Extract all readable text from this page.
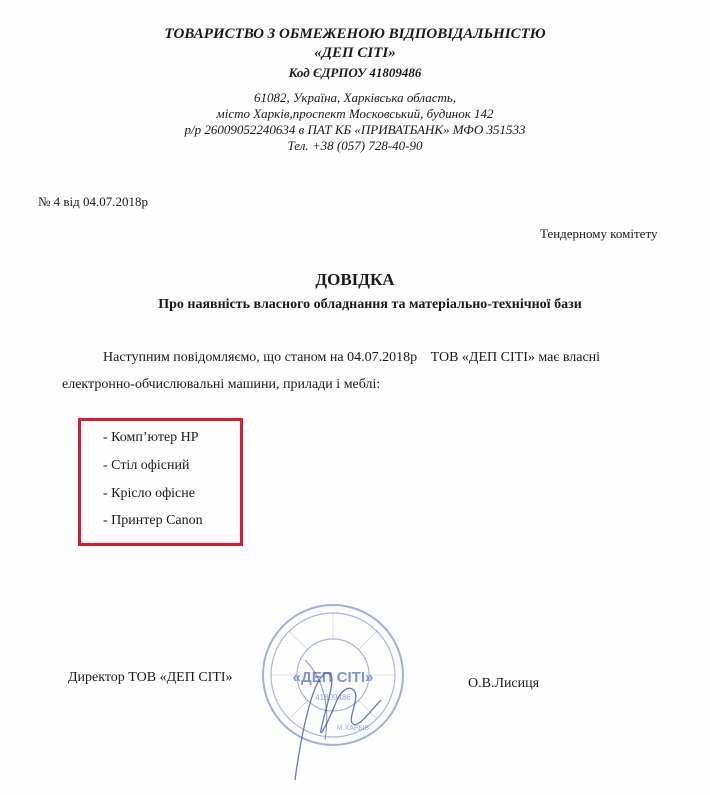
ТОВАРИСТВО З ОБМЕЖЕНОЮ ВІДПОВІДАЛЬНІСТЮ
«ДЕП СІТІ»
Код ЄДРПОУ 41809486
61082, Україна, Харківська область,
місто Харків,проспект Московський, будинок 142
р/р 26009052240634 в ПАТ КБ «ПРИВАТБАНК» МФО 351533
Тел. +38 (057) 728-40-90
№ 4 від 04.07.2018р
Тендерному комітету
ДОВІДКА
Про наявність власного обладнання та матеріально-технічної бази
Наступним повідомляємо, що станом на 04.07.2018р ТОВ «ДЕП СІТІ» має власні
електронно-обчислювальні машини, прилади і меблі:
- Комп’ютер НР
- Стіл офісний
- Крісло офісне
- Принтер Canon
«ДЕП СІТІ»
41809486
М.ХАРКІВ
Директор ТОВ «ДЕП СІТІ»	О.В.Лисиця
